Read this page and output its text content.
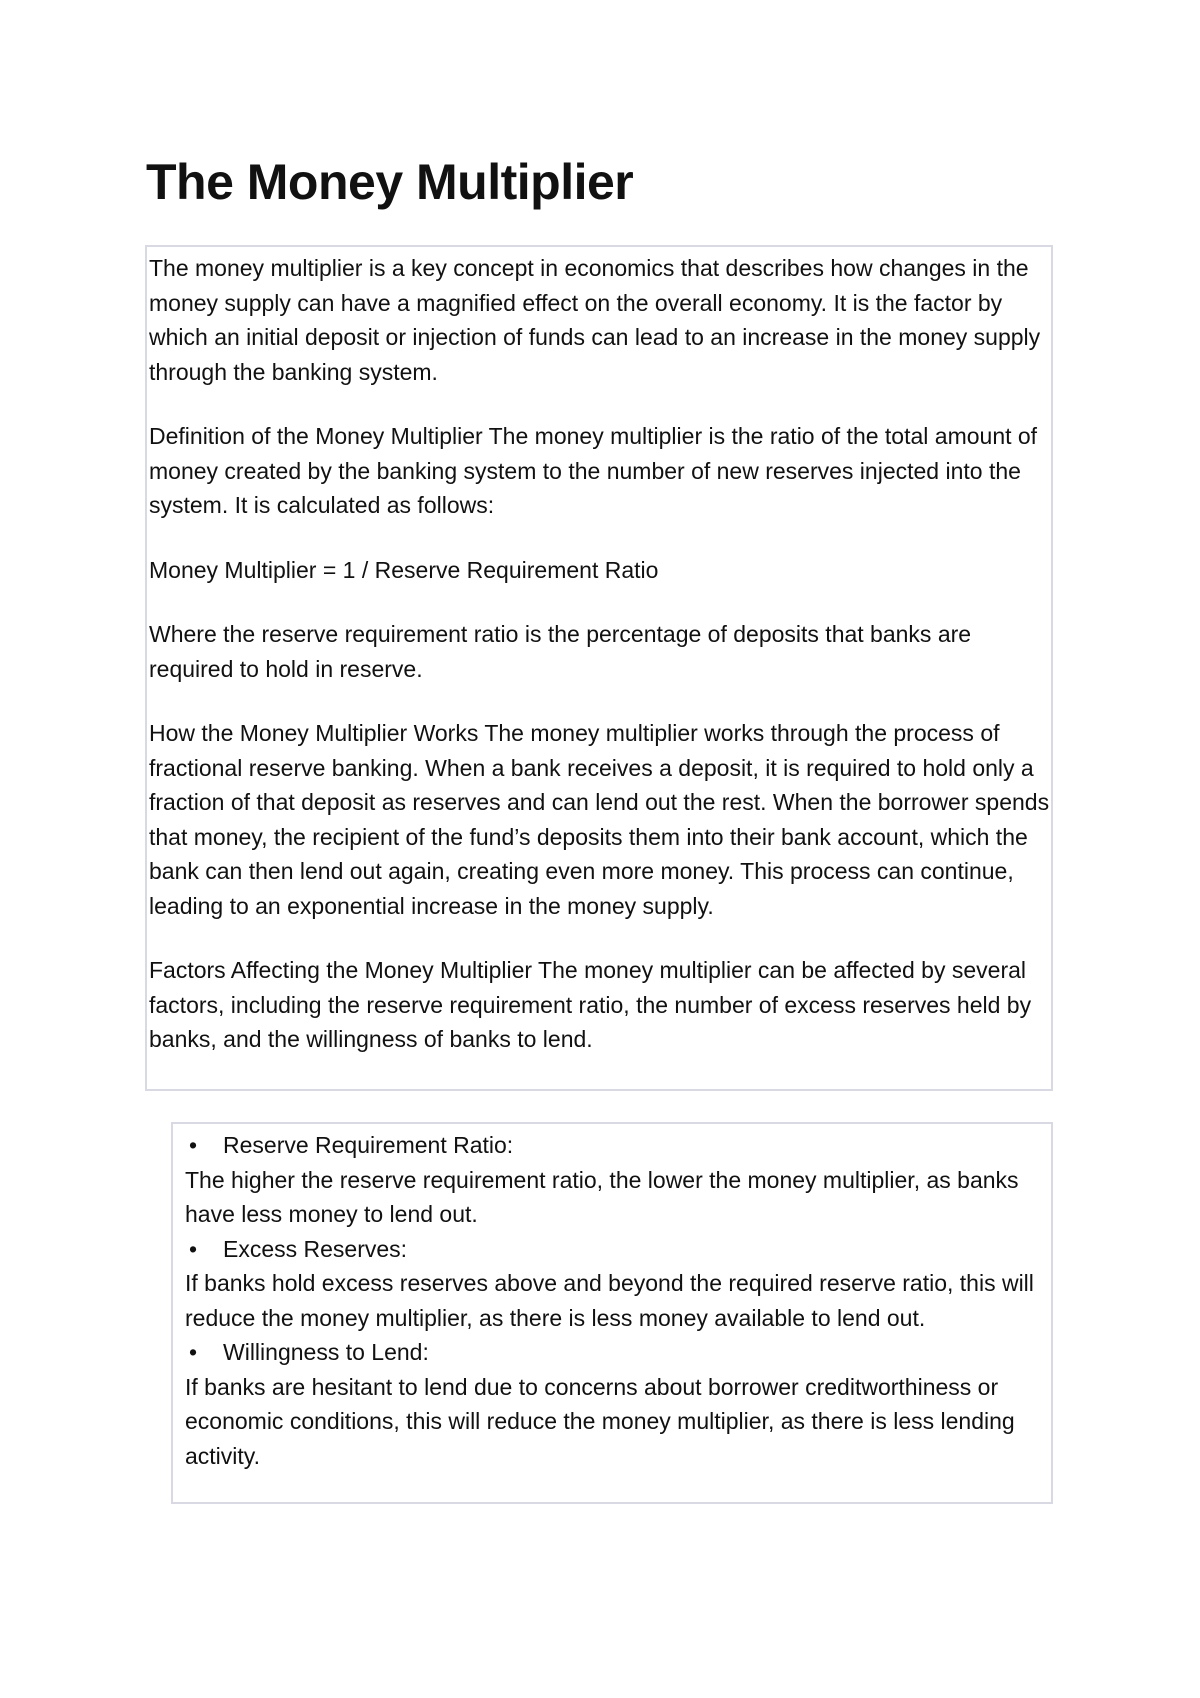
The Money Multiplier

The money multiplier is a key concept in economics that describes how changes in the money supply can have a magnified effect on the overall economy. It is the factor by which an initial deposit or injection of funds can lead to an increase in the money supply through the banking system.

Definition of the Money Multiplier The money multiplier is the ratio of the total amount of money created by the banking system to the number of new reserves injected into the system. It is calculated as follows:

Money Multiplier = 1 / Reserve Requirement Ratio

Where the reserve requirement ratio is the percentage of deposits that banks are required to hold in reserve.

How the Money Multiplier Works The money multiplier works through the process of fractional reserve banking. When a bank receives a deposit, it is required to hold only a fraction of that deposit as reserves and can lend out the rest. When the borrower spends that money, the recipient of the fund’s deposits them into their bank account, which the bank can then lend out again, creating even more money. This process can continue, leading to an exponential increase in the money supply.

Factors Affecting the Money Multiplier The money multiplier can be affected by several factors, including the reserve requirement ratio, the number of excess reserves held by banks, and the willingness of banks to lend.

•	Reserve Requirement Ratio:

The higher the reserve requirement ratio, the lower the money multiplier, as banks have less money to lend out.

•	Excess Reserves:

If banks hold excess reserves above and beyond the required reserve ratio, this will reduce the money multiplier, as there is less money available to lend out.

•	Willingness to Lend:

If banks are hesitant to lend due to concerns about borrower creditworthiness or economic conditions, this will reduce the money multiplier, as there is less lending activity.
